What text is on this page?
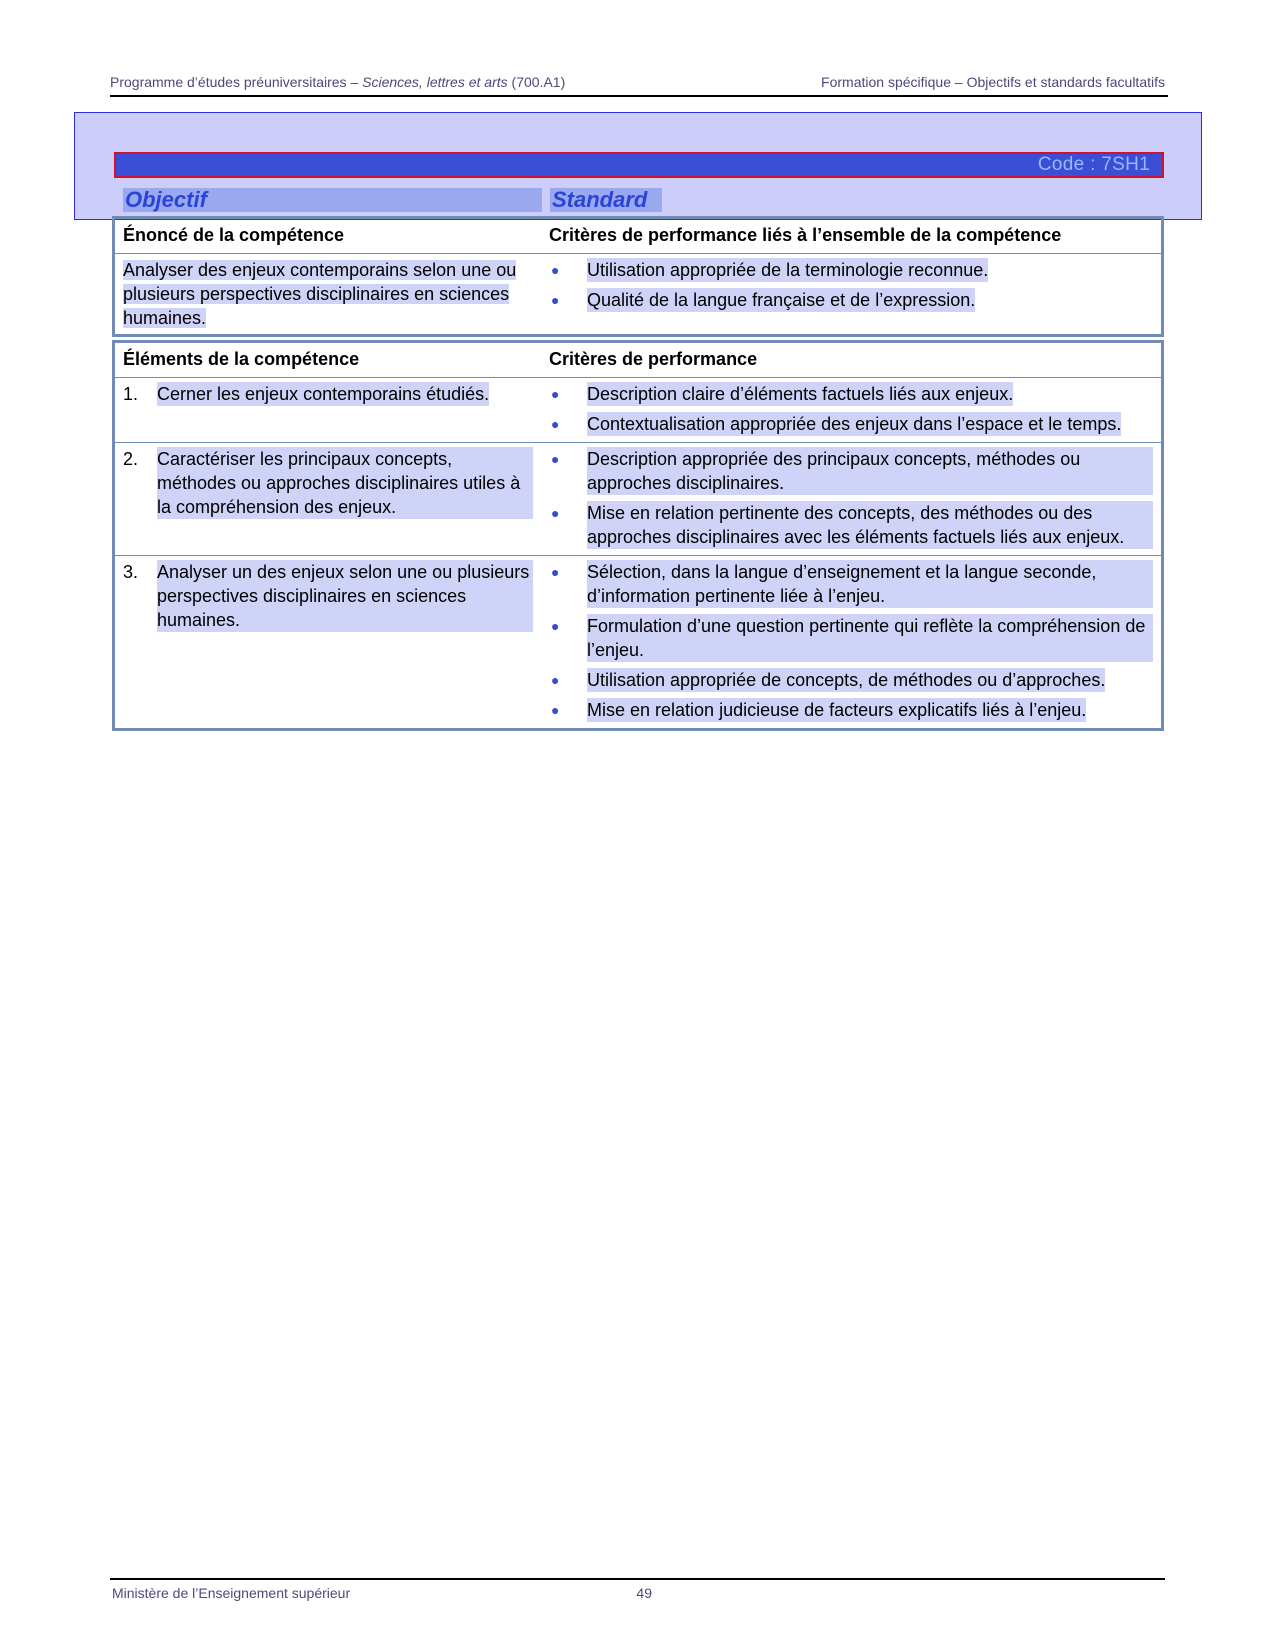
Programme d’études préuniversitaires – Sciences, lettres et arts (700.A1)	Formation spécifique – Objectifs et standards facultatifs
Code : 7SH1
Objectif	Standard
Énoncé de la compétence	Critères de performance liés à l’ensemble de la compétence
Analyser des enjeux contemporains selon une ou plusieurs perspectives disciplinaires en sciences humaines.
●	Utilisation appropriée de la terminologie reconnue.
●	Qualité de la langue française et de l’expression.
Éléments de la compétence	Critères de performance
1.	Cerner les enjeux contemporains étudiés.	●	Description claire d’éléments factuels liés aux enjeux.
●	Contextualisation appropriée des enjeux dans l’espace et le temps.
2.	Caractériser les principaux concepts, méthodes ou approches disciplinaires utiles à la compréhension des enjeux.
●	Description appropriée des principaux concepts, méthodes ou approches disciplinaires.
●	Mise en relation pertinente des concepts, des méthodes ou des approches disciplinaires avec les éléments factuels liés aux enjeux.
3.	Analyser un des enjeux selon une ou plusieurs perspectives disciplinaires en sciences humaines.
●	Sélection, dans la langue d’enseignement et la langue seconde, d’information pertinente liée à l’enjeu.
●	Formulation d’une question pertinente qui reflète la compréhension de l’enjeu.
●	Utilisation appropriée de concepts, de méthodes ou d’approches.
●	Mise en relation judicieuse de facteurs explicatifs liés à l’enjeu.
Ministère de l’Enseignement supérieur	49
